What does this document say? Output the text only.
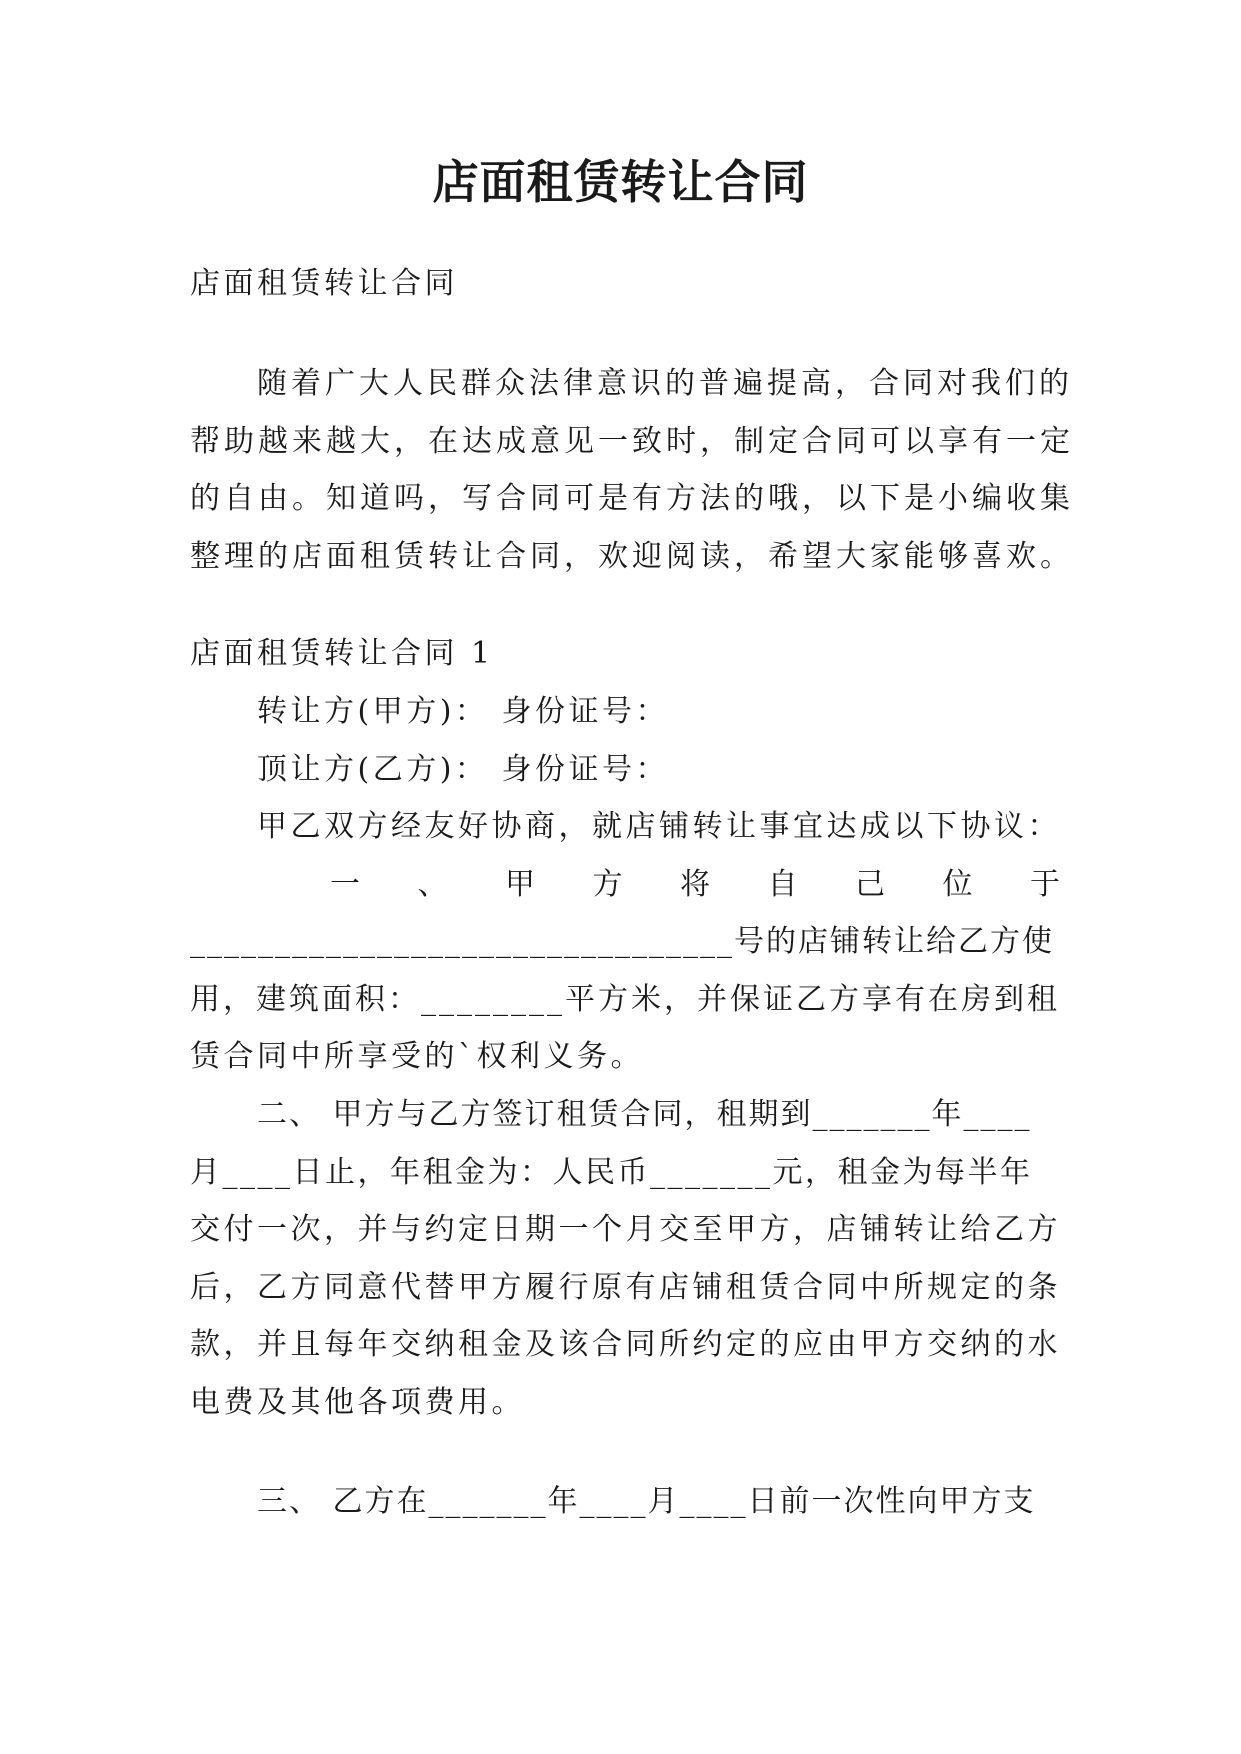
店面租赁转让合同
店面租赁转让合同
随着广大人民群众法律意识的普遍提高，合同对我们的
帮助越来越大，在达成意见一致时，制定合同可以享有一定
的自由。知道吗，写合同可是有方法的哦，以下是小编收集
整理的店面租赁转让合同，欢迎阅读，希望大家能够喜欢。
店面租赁转让合同 1
转让方(甲方)： 身份证号：
顶让方(乙方)： 身份证号：
甲乙双方经友好协商，就店铺转让事宜达成以下协议：
一 、 甲 方 将 自 己 位 于
________________________________号的店铺转让给乙方使
用，建筑面积：________平方米，并保证乙方享有在房到租
赁合同中所享受的`权利义务。
二、 甲方与乙方签订租赁合同，租期到_______年____
月____日止，年租金为：人民币_______元，租金为每半年
交付一次，并与约定日期一个月交至甲方，店铺转让给乙方
后，乙方同意代替甲方履行原有店铺租赁合同中所规定的条
款，并且每年交纳租金及该合同所约定的应由甲方交纳的水
电费及其他各项费用。
三、 乙方在_______年____月____日前一次性向甲方支
